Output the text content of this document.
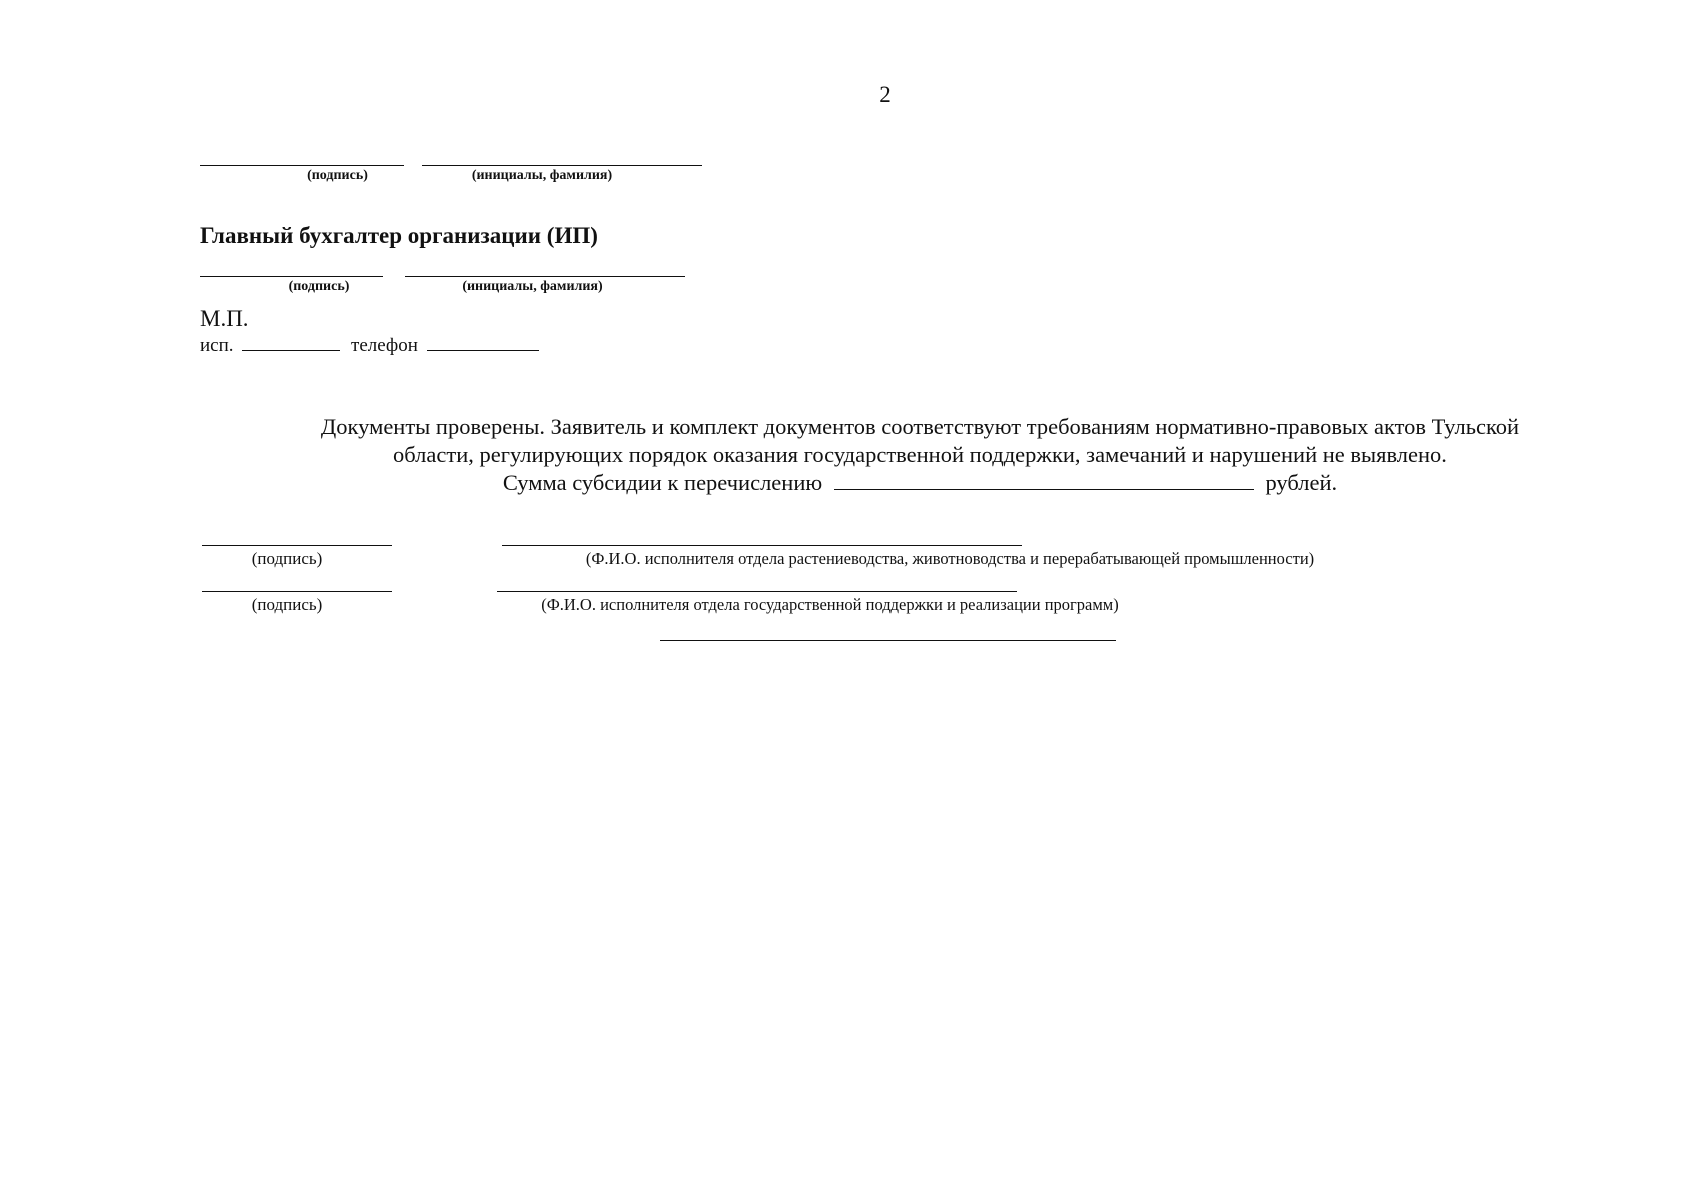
2
(подпись)	(инициалы, фамилия)
Главный бухгалтер организации (ИП)
(подпись)	(инициалы, фамилия)
М.П.
исп.	телефон
Документы проверены. Заявитель и комплект документов соответствуют требованиям нормативно-правовых актов Тульской
области, регулирующих порядок оказания государственной поддержки, замечаний и нарушений не выявлено.
Сумма субсидии к перечислению	рублей.
(подпись)	(Ф.И.О. исполнителя отдела растениеводства, животноводства и перерабатывающей промышленности)
(подпись)	(Ф.И.О. исполнителя отдела государственной поддержки и реализации программ)
